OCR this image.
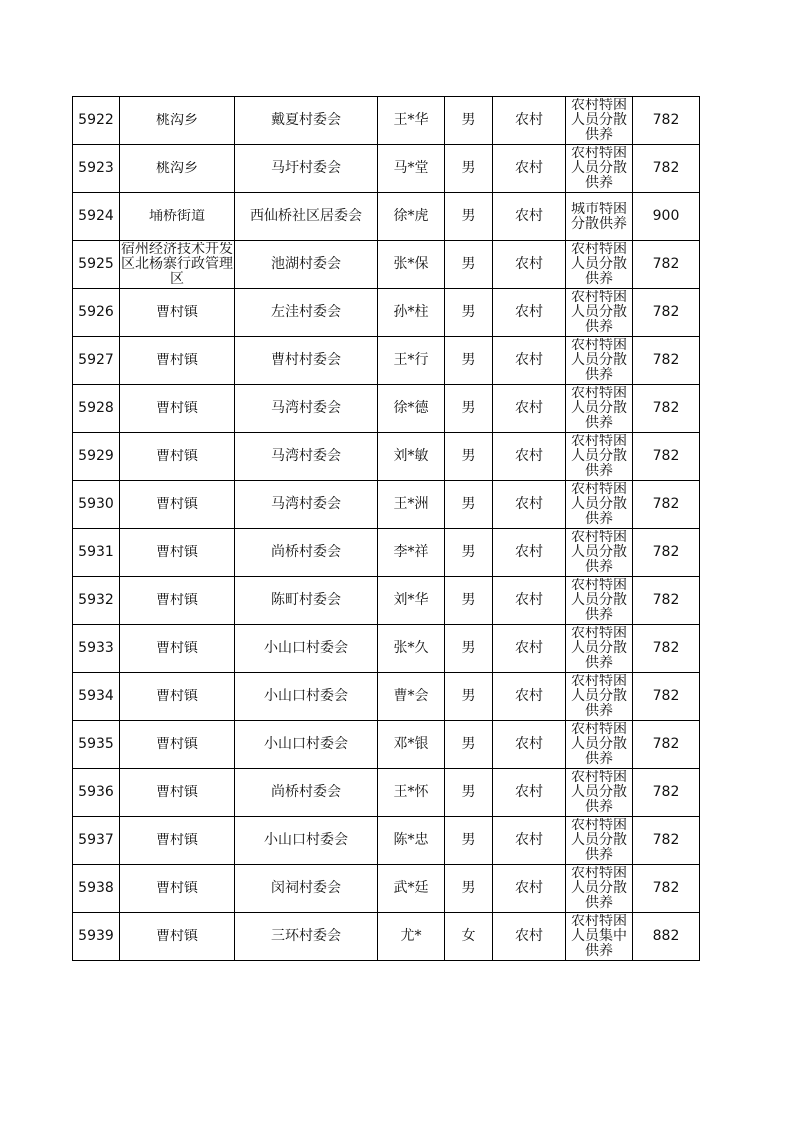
5922	桃沟乡	戴夏村委会	王*华	男	农村	农村特困人员分散供养	782
5923	桃沟乡	马圩村委会	马*堂	男	农村	农村特困人员分散供养	782
5924	埇桥街道	西仙桥社区居委会	徐*虎	男	农村	城市特困分散供养	900
5925	宿州经济技术开发区北杨寨行政管理区	池湖村委会	张*保	男	农村	农村特困人员分散供养	782
5926	曹村镇	左洼村委会	孙*柱	男	农村	农村特困人员分散供养	782
5927	曹村镇	曹村村委会	王*行	男	农村	农村特困人员分散供养	782
5928	曹村镇	马湾村委会	徐*德	男	农村	农村特困人员分散供养	782
5929	曹村镇	马湾村委会	刘*敏	男	农村	农村特困人员分散供养	782
5930	曹村镇	马湾村委会	王*洲	男	农村	农村特困人员分散供养	782
5931	曹村镇	尚桥村委会	李*祥	男	农村	农村特困人员分散供养	782
5932	曹村镇	陈町村委会	刘*华	男	农村	农村特困人员分散供养	782
5933	曹村镇	小山口村委会	张*久	男	农村	农村特困人员分散供养	782
5934	曹村镇	小山口村委会	曹*会	男	农村	农村特困人员分散供养	782
5935	曹村镇	小山口村委会	邓*银	男	农村	农村特困人员分散供养	782
5936	曹村镇	尚桥村委会	王*怀	男	农村	农村特困人员分散供养	782
5937	曹村镇	小山口村委会	陈*忠	男	农村	农村特困人员分散供养	782
5938	曹村镇	闵祠村委会	武*廷	男	农村	农村特困人员分散供养	782
5939	曹村镇	三环村委会	尤*	女	农村	农村特困人员集中供养	882
